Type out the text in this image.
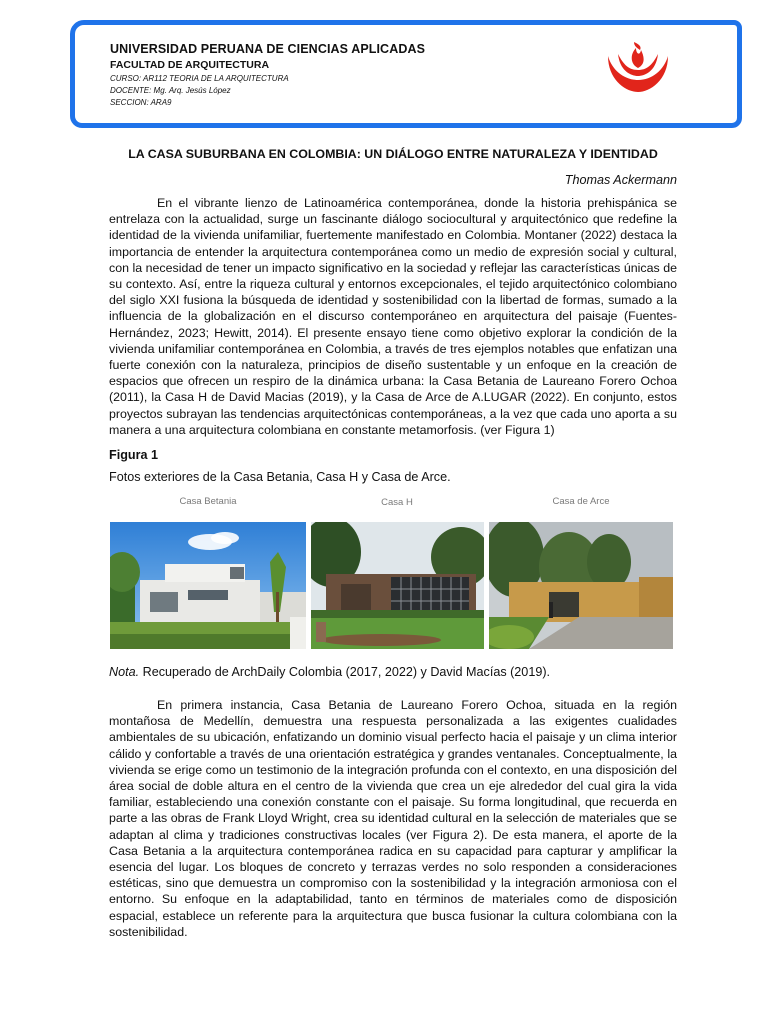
UNIVERSIDAD PERUANA DE CIENCIAS APLICADAS

FACULTAD DE ARQUITECTURA

CURSO: AR112 TEORIA DE LA ARQUITECTURA

DOCENTE: Mg. Arq. Jesús López

SECCION: ARA9

LA CASA SUBURBANA EN COLOMBIA: UN DIÁLOGO ENTRE NATURALEZA Y IDENTIDAD

Thomas Ackermann

En el vibrante lienzo de Latinoamérica contemporánea, donde la historia prehispánica se entrelaza con la actualidad, surge un fascinante diálogo sociocultural y arquitectónico que redefine la identidad de la vivienda unifamiliar, fuertemente manifestado en Colombia. Montaner (2022) destaca la importancia de entender la arquitectura contemporánea como un medio de expresión social y cultural, con la necesidad de tener un impacto significativo en la sociedad y reflejar las características únicas de su contexto. Así, entre la riqueza cultural y entornos excepcionales, el tejido arquitectónico colombiano del siglo XXI fusiona la búsqueda de identidad y sostenibilidad con la libertad de formas, sumado a la influencia de la globalización en el discurso contemporáneo en arquitectura del paisaje (Fuentes-Hernández, 2023; Hewitt, 2014). El presente ensayo tiene como objetivo explorar la condición de la vivienda unifamiliar contemporánea en Colombia, a través de tres ejemplos notables que enfatizan una fuerte conexión con la naturaleza, principios de diseño sustentable y un enfoque en la creación de espacios que ofrecen un respiro de la dinámica urbana: la Casa Betania de Laureano Forero Ochoa (2011), la Casa H de David Macias (2019), y la Casa de Arce de A.LUGAR (2022). En conjunto, estos proyectos subrayan las tendencias arquitectónicas contemporáneas, a la vez que cada uno aporta a su manera a una arquitectura colombiana en constante metamorfosis. (ver Figura 1)

Figura 1

Fotos exteriores de la Casa Betania, Casa H y Casa de Arce.

Casa Betania	Casa H	Casa de Arce

Nota. Recuperado de ArchDaily Colombia (2017, 2022) y David Macías (2019).

En primera instancia, Casa Betania de Laureano Forero Ochoa, situada en la región montañosa de Medellín, demuestra una respuesta personalizada a las exigentes cualidades ambientales de su ubicación, enfatizando un dominio visual perfecto hacia el paisaje y un clima interior cálido y confortable a través de una orientación estratégica y grandes ventanales. Conceptualmente, la vivienda se erige como un testimonio de la integración profunda con el contexto, en una disposición del área social de doble altura en el centro de la vivienda que crea un eje alrededor del cual gira la vida familiar, estableciendo una conexión constante con el paisaje. Su forma longitudinal, que recuerda en parte a las obras de Frank Lloyd Wright, crea su identidad cultural en la selección de materiales que se adaptan al clima y tradiciones constructivas locales (ver Figura 2). De esta manera, el aporte de la Casa Betania a la arquitectura contemporánea radica en su capacidad para capturar y amplificar la esencia del lugar. Los bloques de concreto y terrazas verdes no solo responden a consideraciones estéticas, sino que demuestra un compromiso con la sostenibilidad y la integración armoniosa con el entorno. Su enfoque en la adaptabilidad, tanto en términos de materiales como de disposición espacial, establece un referente para la arquitectura que busca fusionar la cultura colombiana con la sostenibilidad.
